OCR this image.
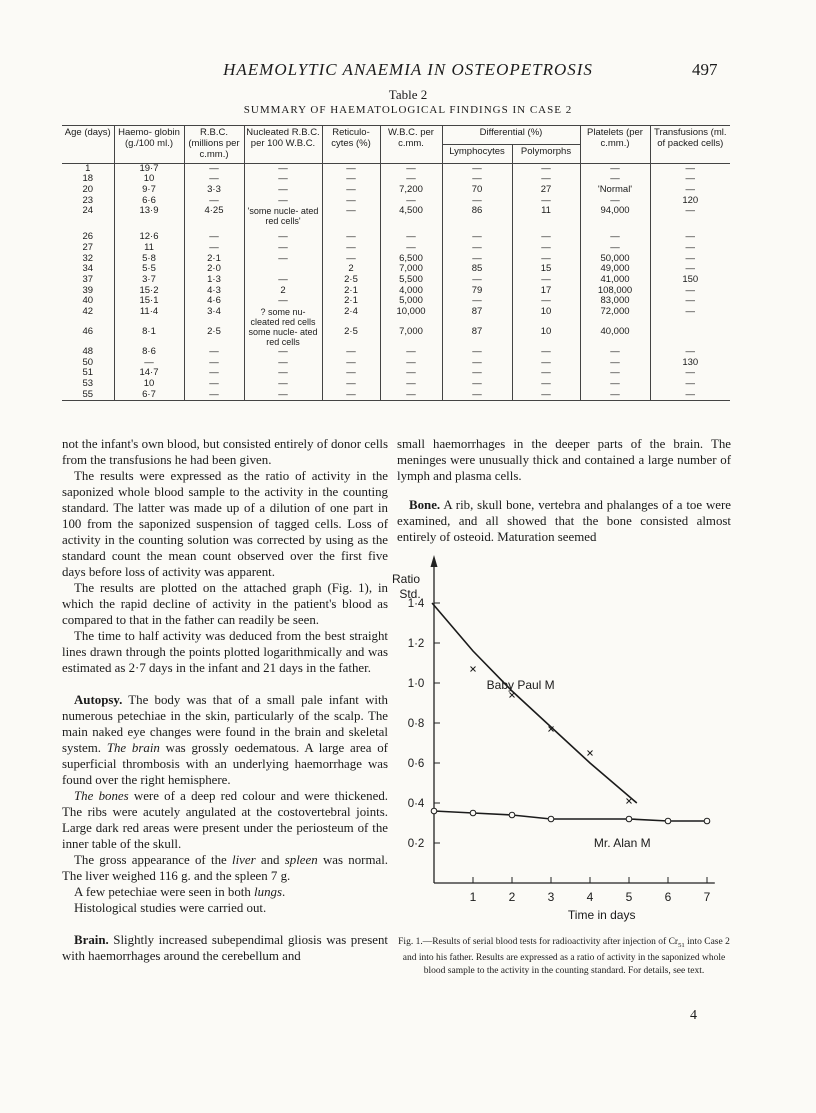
HAEMOLYTIC ANAEMIA IN OSTEOPETROSIS	497
Table 2
SUMMARY OF HAEMATOLOGICAL FINDINGS IN CASE 2
Age (days)	Haemo- globin (g./100 ml.)	R.B.C. (millions per c.mm.)	Nucleated R.B.C. per 100 W.B.C.	Reticulo- cytes (%)	W.B.C. per c.mm.	Differential (%)		Platelets (per c.mm.)	Transfusions (ml. of packed cells)
						Lymphocytes	Polymorphs		
1	19·7	—	—	—	—	—	—	—	—
18	10	—	—	—	—	—	—	—	—
20	9·7	3·3	—	—	7,200	70	27	'Normal'	—
23	6·6	—	—	—	—	—	—	—	120
24	13·9	4·25	'some nucle- ated red cells'	—	4,500	86	11	94,000	—
26	12·6	—	—	—	—	—	—	—	—
27	11	—	—	—	—	—	—	—	—
32	5·8	2·1	—	—	6,500	—	—	50,000	—
34	5·5	2·0		2	7,000	85	15	49,000	—
37	3·7	1·3	—	2·5	5,500	—	—	41,000	150
39	15·2	4·3	2	2·1	4,000	79	17	108,000	—
40	15·1	4·6	—	2·1	5,000	—	—	83,000	—
42	11·4	3·4	? some nu- cleated red cells	2·4	10,000	87	10	72,000	—
46	8·1	2·5	some nucle- ated red cells	2·5	7,000	87	10	40,000	
48	8·6	—	—	—	—	—	—	—	—
50	—	—	—	—	—	—	—	—	130
51	14·7	—	—	—	—	—	—	—	—
53	10	—	—	—	—	—	—	—	—
55	6·7	—	—	—	—	—	—	—	—

not the infant's own blood, but consisted entirely of donor cells from the transfusions he had been given.

The results were expressed as the ratio of activity in the saponized whole blood sample to the activity in the counting standard. The latter was made up of a dilution of one part in 100 from the saponized suspension of tagged cells. Loss of activity in the counting solution was corrected by using as the standard count the mean count observed over the first five days before loss of activity was apparent.

The results are plotted on the attached graph (Fig. 1), in which the rapid decline of activity in the patient's blood as compared to that in the father can readily be seen.

The time to half activity was deduced from the best straight lines drawn through the points plotted logarithmically and was estimated as 2·7 days in the infant and 21 days in the father.

Autopsy. The body was that of a small pale infant with numerous petechiae in the skin, particularly of the scalp. The main naked eye changes were found in the brain and skeletal system. The brain was grossly oedematous. A large area of superficial thrombosis with an underlying haemorrhage was found over the right hemisphere.

The bones were of a deep red colour and were thickened. The ribs were acutely angulated at the costovertebral joints. Large dark red areas were present under the periosteum of the inner table of the skull.

The gross appearance of the liver and spleen was normal. The liver weighed 116 g. and the spleen 7 g.

A few petechiae were seen in both lungs.

Histological studies were carried out.

Brain. Slightly increased subependimal gliosis was present with haemorrhages around the cerebellum and

small haemorrhages in the deeper parts of the brain. The meninges were unusually thick and contained a large number of lymph and plasma cells.

Bone. A rib, skull bone, vertebra and phalanges of a toe were examined, and all showed that the bone consisted almost entirely of osteoid. Maturation seemed

1	2	3	4	5	6	7
1·4
1·2
1·0
0·8
0·6
0·4
0·2
Ratio Std.
Time in days
Baby Paul M
Mr. Alan M
Fig. 1.—Results of serial blood tests for radioactivity after injection of $Cr_{51}$ into Case 2 and into his father. Results are expressed as a ratio of activity in the saponized whole blood sample to the activity in the counting standard. For details, see text.
4
